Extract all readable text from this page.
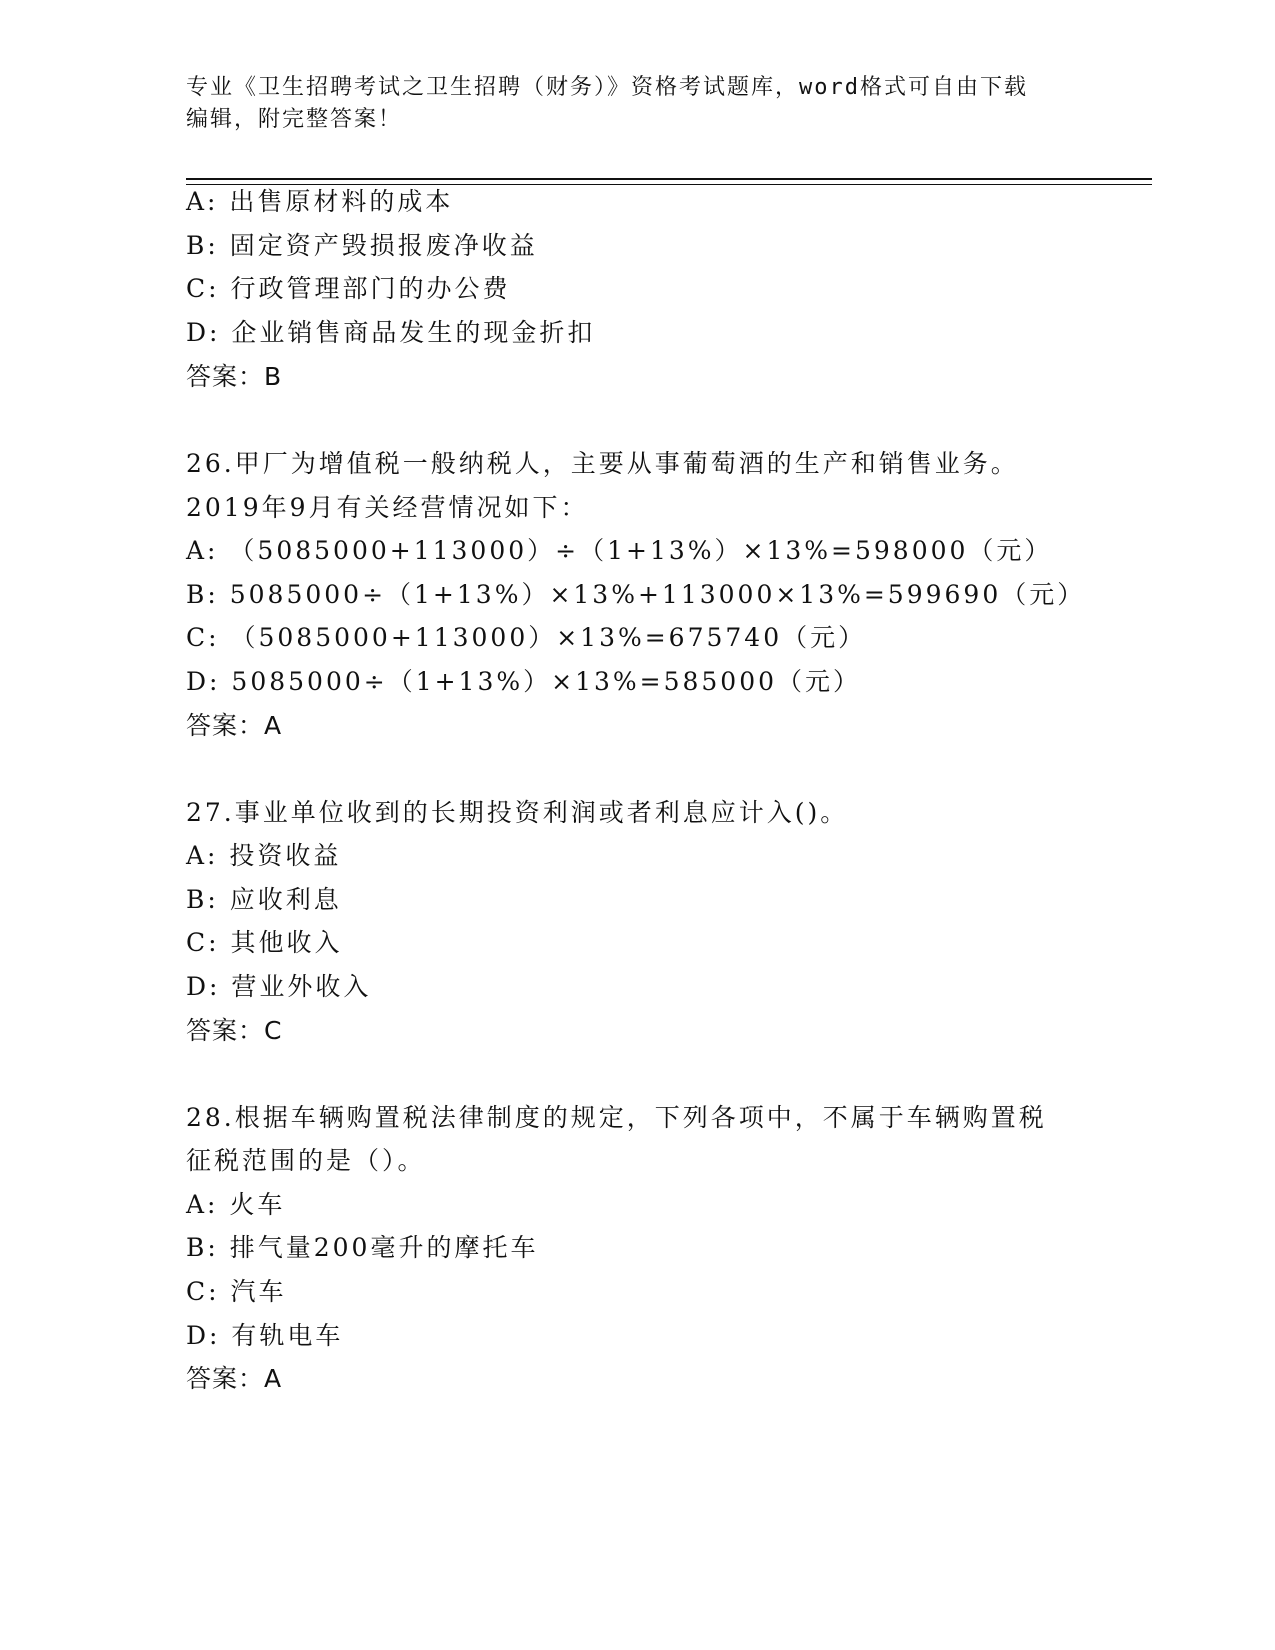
专业《卫生招聘考试之卫生招聘（财务）》资格考试题库，word格式可自由下载
编辑，附完整答案！
A: 出售原材料的成本
B: 固定资产毁损报废净收益
C: 行政管理部门的办公费
D: 企业销售商品发生的现金折扣
答案：B
26.甲厂为增值税一般纳税人，主要从事葡萄酒的生产和销售业务。
2019年9月有关经营情况如下：
A: （5085000+113000）÷（1+13%）×13%=598000（元）
B: 5085000÷（1+13%）×13%+113000×13%=599690（元）
C: （5085000+113000）×13%=675740（元）
D: 5085000÷（1+13%）×13%=585000（元）
答案：A
27.事业单位收到的长期投资利润或者利息应计入()。
A: 投资收益
B: 应收利息
C: 其他收入
D: 营业外收入
答案：C
28.根据车辆购置税法律制度的规定，下列各项中，不属于车辆购置税
征税范围的是（）。
A: 火车
B: 排气量200毫升的摩托车
C: 汽车
D: 有轨电车
答案：A
